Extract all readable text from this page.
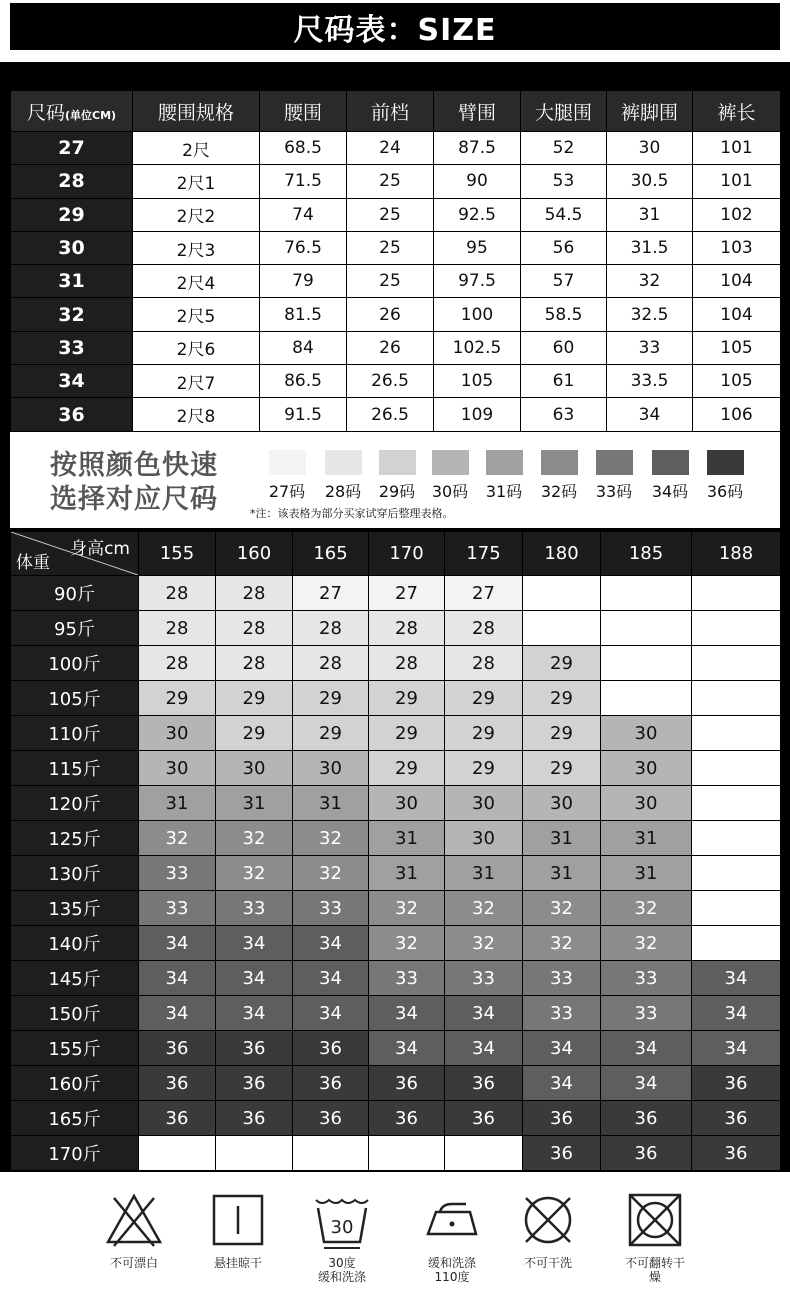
尺码表：SIZE
尺码(单位CM)	腰围规格	腰围	前档	臂围	大腿围	裤脚围	裤长
27	2尺	68.5	24	87.5	52	30	101
28	2尺1	71.5	25	90	53	30.5	101
29	2尺2	74	25	92.5	54.5	31	102
30	2尺3	76.5	25	95	56	31.5	103
31	2尺4	79	25	97.5	57	32	104
32	2尺5	81.5	26	100	58.5	32.5	104
33	2尺6	84	26	102.5	60	33	105
34	2尺7	86.5	26.5	105	61	33.5	105
36	2尺8	91.5	26.5	109	63	34	106
按照颜色快速
选择对应尺码	27码 28码 29码 30码 31码 32码 33码 34码 36码
*注：该表格为部分买家试穿后整理表格。
身高cm
体重	155	160	165	170	175	180	185	188
90斤	28	28	27	27	27			
95斤	28	28	28	28	28			
100斤	28	28	28	28	28	29		
105斤	29	29	29	29	29	29		
110斤	30	29	29	29	29	29	30	
115斤	30	30	30	29	29	29	30	
120斤	31	31	31	30	30	30	30	
125斤	32	32	32	31	30	31	31	
130斤	33	32	32	31	31	31	31	
135斤	33	33	33	32	32	32	32	
140斤	34	34	34	32	32	32	32	
145斤	34	34	34	33	33	33	33	34
150斤	34	34	34	34	34	33	33	34
155斤	36	36	36	34	34	34	34	34
160斤	36	36	36	36	36	34	34	36
165斤	36	36	36	36	36	36	36	36
170斤						36	36	36
不可漂白	悬挂晾干
30
30度
缓和洗涤
缓和洗涤
110度
不可干洗	不可翻转干
燥
